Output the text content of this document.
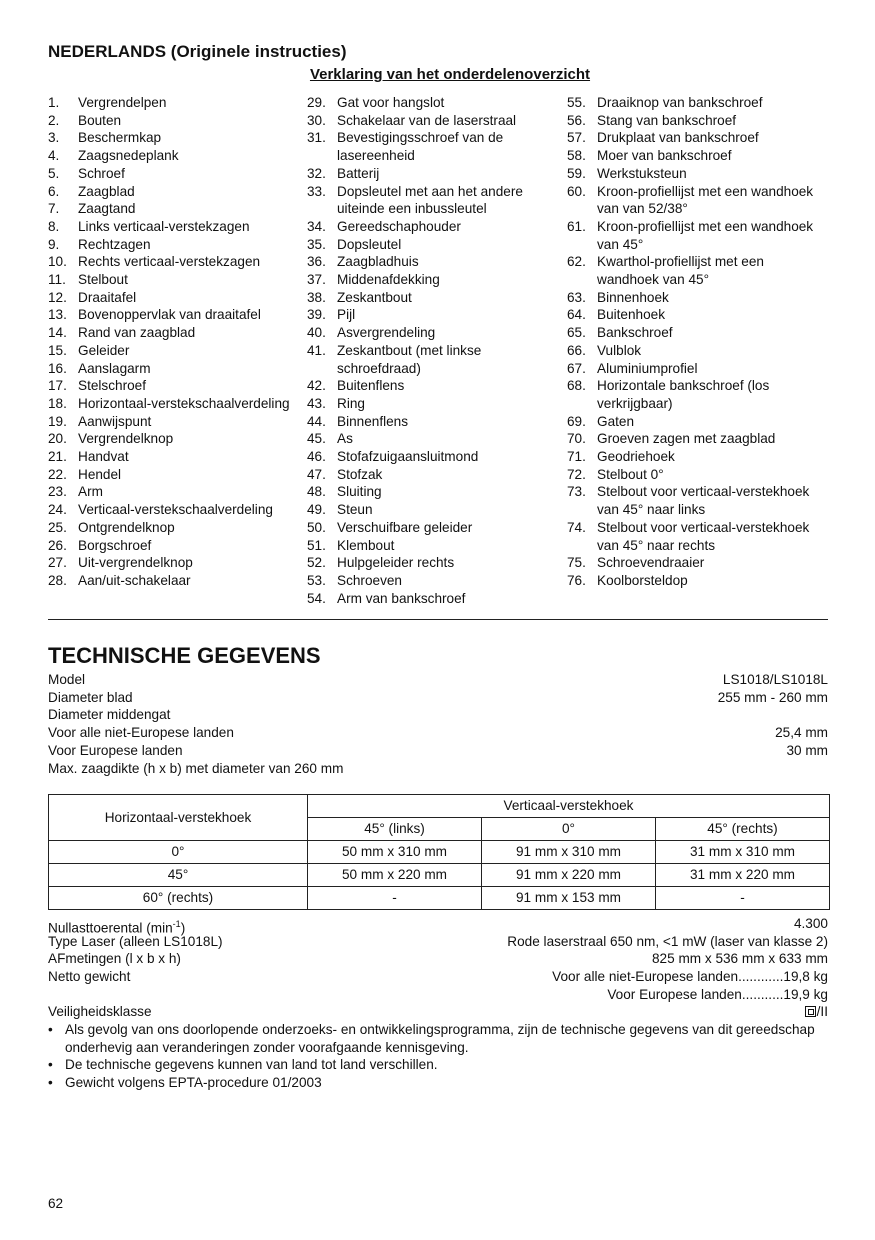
NEDERLANDS (Originele instructies)
Verklaring van het onderdelenoverzicht
1.	Vergrendelpen
2.	Bouten
3.	Beschermkap
4.	Zaagsnedeplank
5.	Schroef
6.	Zaagblad
7.	Zaagtand
8.	Links verticaal-verstekzagen
9.	Rechtzagen
10. Rechts verticaal-verstekzagen
11. Stelbout
12. Draaitafel
13. Bovenoppervlak van draaitafel
14. Rand van zaagblad
15. Geleider
16. Aanslagarm
17. Stelschroef
18. Horizontaal-verstekschaalverdeling
19. Aanwijspunt
20. Vergrendelknop
21. Handvat
22. Hendel
23. Arm
24. Verticaal-verstekschaalverdeling
25. Ontgrendelknop
26. Borgschroef
27. Uit-vergrendelknop
28. Aan/uit-schakelaar
29. Gat voor hangslot
30. Schakelaar van de laserstraal
31. Bevestigingsschroef van de lasereenheid
32. Batterij
33. Dopsleutel met aan het andere uiteinde een inbussleutel
34. Gereedschaphouder
35. Dopsleutel
36. Zaagbladhuis
37. Middenafdekking
38. Zeskantbout
39. Pijl
40. Asvergrendeling
41. Zeskantbout (met linkse schroefdraad)
42. Buitenflens
43. Ring
44. Binnenflens
45. As
46. Stofafzuigaansluitmond
47. Stofzak
48. Sluiting
49. Steun
50. Verschuifbare geleider
51. Klembout
52. Hulpgeleider rechts
53. Schroeven
54. Arm van bankschroef
55. Draaiknop van bankschroef
56. Stang van bankschroef
57. Drukplaat van bankschroef
58. Moer van bankschroef
59. Werkstuksteun
60. Kroon-profiellijst met een wandhoek van van 52/38°
61. Kroon-profiellijst met een wandhoek van 45°
62. Kwarthol-profiellijst met een wandhoek van 45°
63. Binnenhoek
64. Buitenhoek
65. Bankschroef
66. Vulblok
67. Aluminiumprofiel
68. Horizontale bankschroef (los verkrijgbaar)
69. Gaten
70. Groeven zagen met zaagblad
71. Geodriehoek
72. Stelbout 0°
73. Stelbout voor verticaal-verstekhoek van 45° naar links
74. Stelbout voor verticaal-verstekhoek van 45° naar rechts
75. Schroevendraaier
76. Koolborsteldop
TECHNISCHE GEGEVENS
Model	LS1018/LS1018L
Diameter blad	255 mm - 260 mm
Diameter middengat
Voor alle niet-Europese landen	25,4 mm
Voor Europese landen	30 mm
Max. zaagdikte (h x b) met diameter van 260 mm
Horizontaal-verstekhoek	Verticaal-verstekhoek		
	45° (links)	0°	45° (rechts)
0°	50 mm x 310 mm	91 mm x 310 mm	31 mm x 310 mm
45°	50 mm x 220 mm	91 mm x 220 mm	31 mm x 220 mm
60° (rechts)	-	91 mm x 153 mm	-
Nullasttoerental $(\min^{-1})$	4.300
Type Laser (alleen LS1018L)	Rode laserstraal 650 nm, <1 mW (laser van klasse 2)
AFmetingen (l x b x h)	825 mm x 536 mm x 633 mm
Netto gewicht	Voor alle niet-Europese landen............19,8 kg
Voor Europese landen...........19,9 kg
Veiligheidsklasse	/II
• Als gevolg van ons doorlopende onderzoeks- en ontwikkelingsprogramma, zijn de technische gegevens van dit gereedschap onderhevig aan veranderingen zonder voorafgaande kennisgeving.
• De technische gegevens kunnen van land tot land verschillen.
• Gewicht volgens EPTA-procedure 01/2003
62
